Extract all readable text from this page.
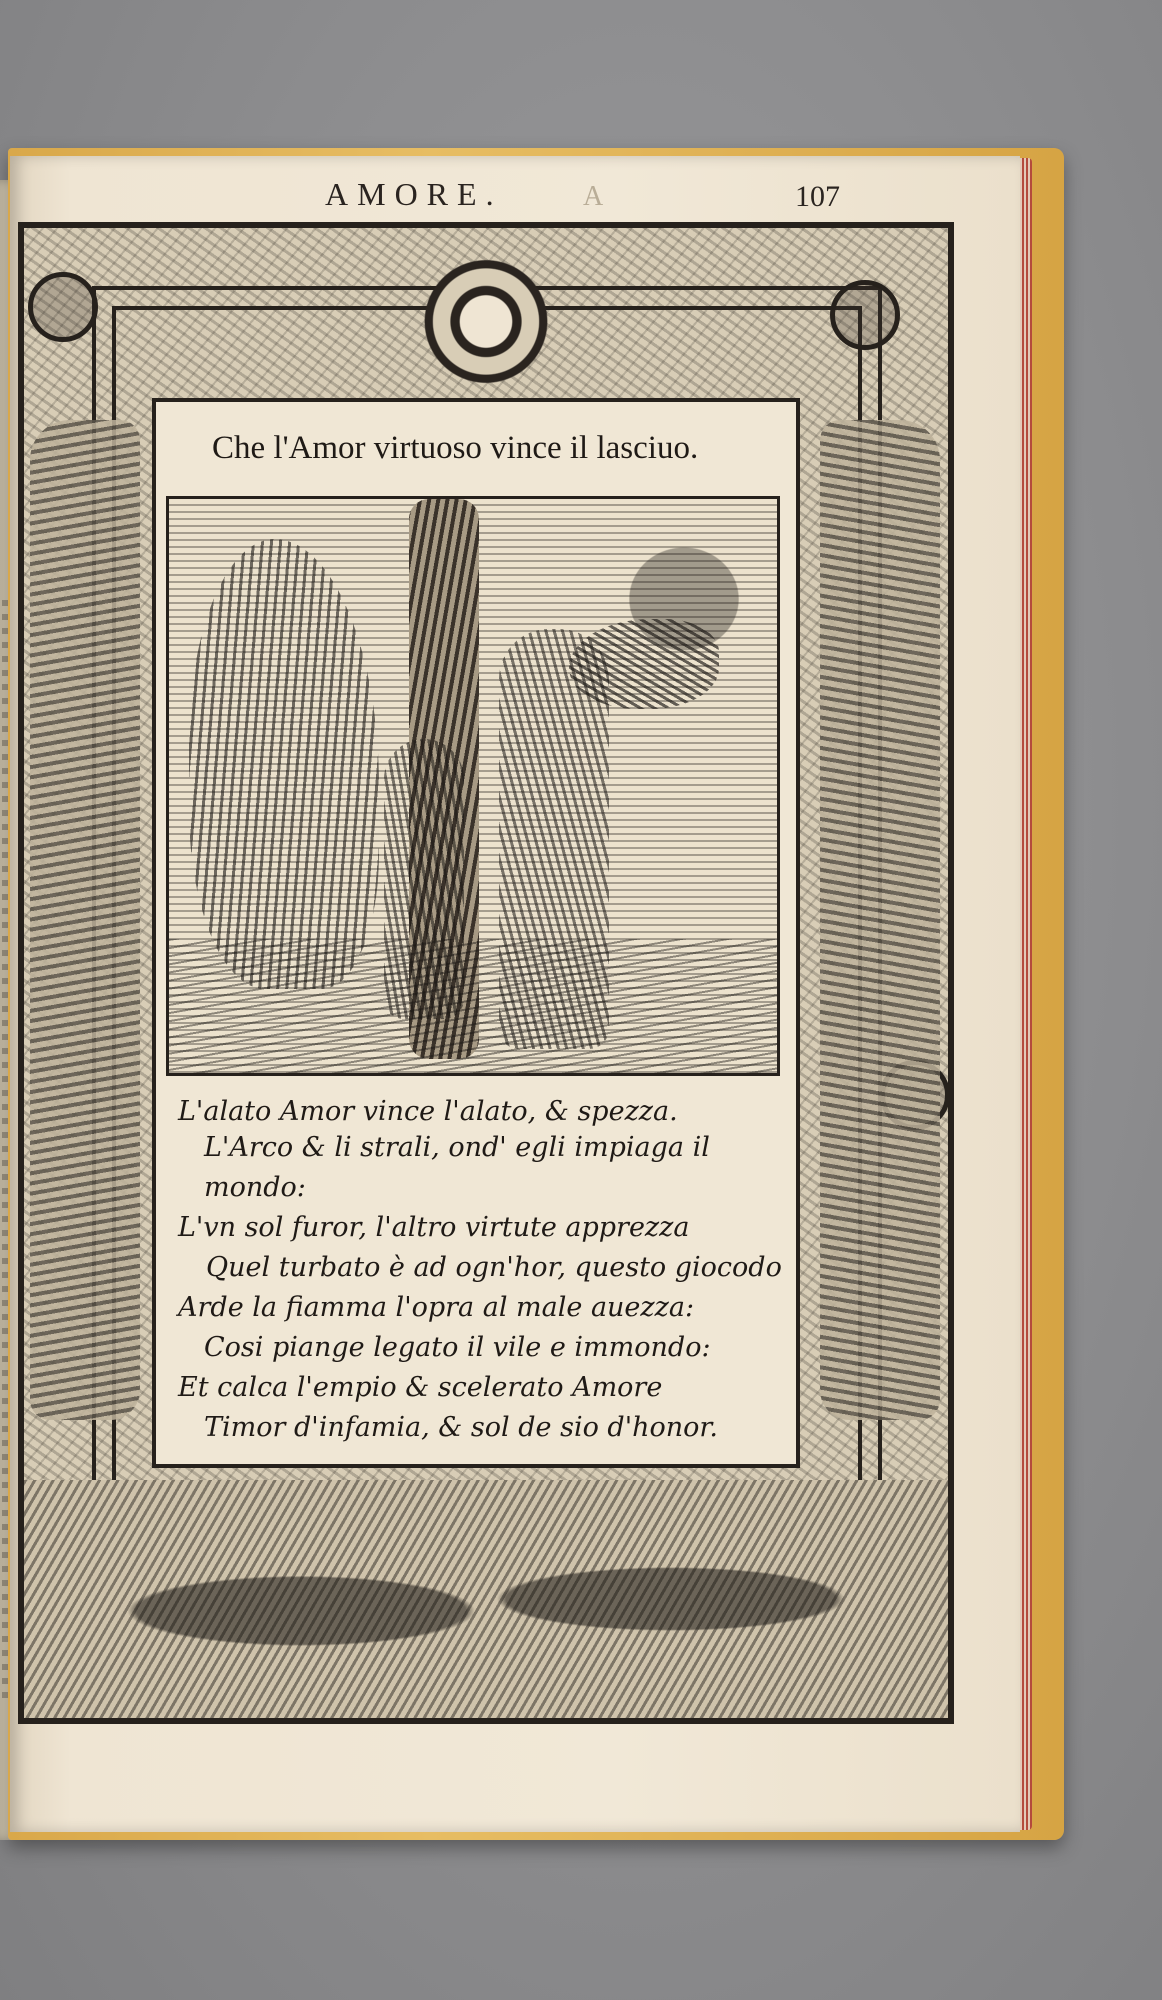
AMORE.	A	107
Che l'Amor virtuoso vince il lasciuo.
L'alato Amor vince l'alato, & spezza.
L'Arco & li strali, ond' egli impiaga il
mondo:
L'vn sol furor, l'altro virtute apprezza
Quel turbato è ad ogn'hor, questo giocodo
Arde la fiamma l'opra al male auezza:
Cosi piange legato il vile e immondo:
Et calca l'empio & scelerato Amore
Timor d'infamia, & sol de sio d'honor.
